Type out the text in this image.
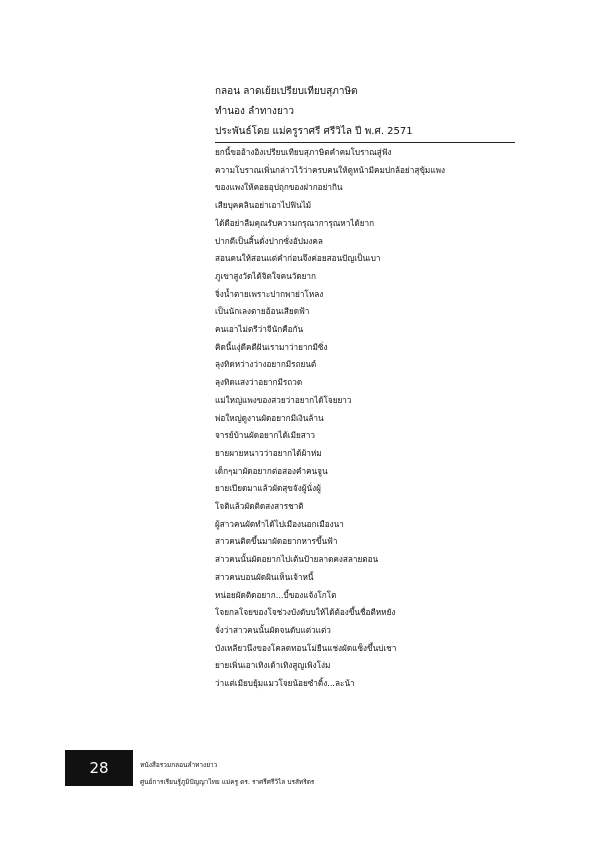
กลอน ลาดเย้ยเปรียบเทียบสุภาษิต
ทำนอง ลำทางยาว
ประพันธ์โดย แม่ครูราศรี ศรีวิไล ปี พ.ศ. 2571
ยกนี้ขออ้างอิงเปรียบเทียบสุภาษิตคำคมโบราณสู่ฟัง
ความโบราณเพิ่นกล่าวไว้ว่าครบคนให้ดูหน้ามีคมปกล้อย่าสุขุ้มแพง
ของแพงให้คอยอุปถุกของฝากอย่ากิน
เสียบุคคลินอย่าเอาไปฟินไม้
ได้ดีอย่าลืมคุณรับความกรุณาการุณหาได้ยาก
ปากดีเป็นสิ้นดั่งปากซั่งอัปมงคล
สอนคนให้สอนแต่คำก่อนจึงค่อยสอนปัญเป็นเบา
ภูเขาสูงวัดได้จิตใจคนวัดยาก
จิ่งน้ำตายเพราะปากพาย่าโหลง
เป็นนักเลงตายอ้อนเสียดฟ้า
คนเอาไม่ตรีว่าจีนักคือกัน
คิดนี้แงุ่ดีคดีฝันเรามาว่ายากมีซิ่ง
ลุงทิดหว่างว่างอยากมีรถยนต์
ลุงทิดแสงว่าอยากมีรถวด
แม่ใหญ่แพงของสวยว่าอยากได้โจยยาว
พ่อใหญ่ดูงานผัดอยากมีเงินล้าน
จารย์บ้านผัดอยากได้เมียสาว
ยายผายหนาวว่าอยากได้ผ้าห่ม
เด็กๆมาผัดอยากต่อสองคำคนจูน
ยายเปียดมาแล้วผัดสุขจังผู้นั่งผู้
โจติแล้วผัดติดสงสารชาติ
ผู้สาวคนผัดทำได้ไปเมืองนอกเมืองนา
สาวคนติดขึ้นมาผัดอยากหารขึ้นฟ้า
สาวคนนั้นผัดอยากไปเต้นป้ายลาดคงสลายตอน
สาวคนบอนผัดผินเห็นเจ้าหนี้
หน่อยผัดติดอยาก...บี้ของแจ้งโกโต
โจยกลโจยของโจช่วงบังดับบให้ได้ต้องขึ้นชื่อตีหหยัง
จั่งว่าสาวคนนั้นผัดจนดับแต่วแต่ว
บังเหลียวนึงของโคลดทอนโม่ยืนแช่งผัดแซ็งขึ้นบ่เชา
ยายเพิ่นเอาเทิงเด้าเทิงสูญเพิงโง่ม
ว่าแต่เมียบยุ้มแมวโจยน้อยซำดิ้ง...ละน้า
28	หนังสือรวมกลอนลำทางยาว
ศูนย์การเรียนรู้ภูมิปัญญาไทย แม่ครู ดร. ราศรีศรีวิไล บรสัทริตร
